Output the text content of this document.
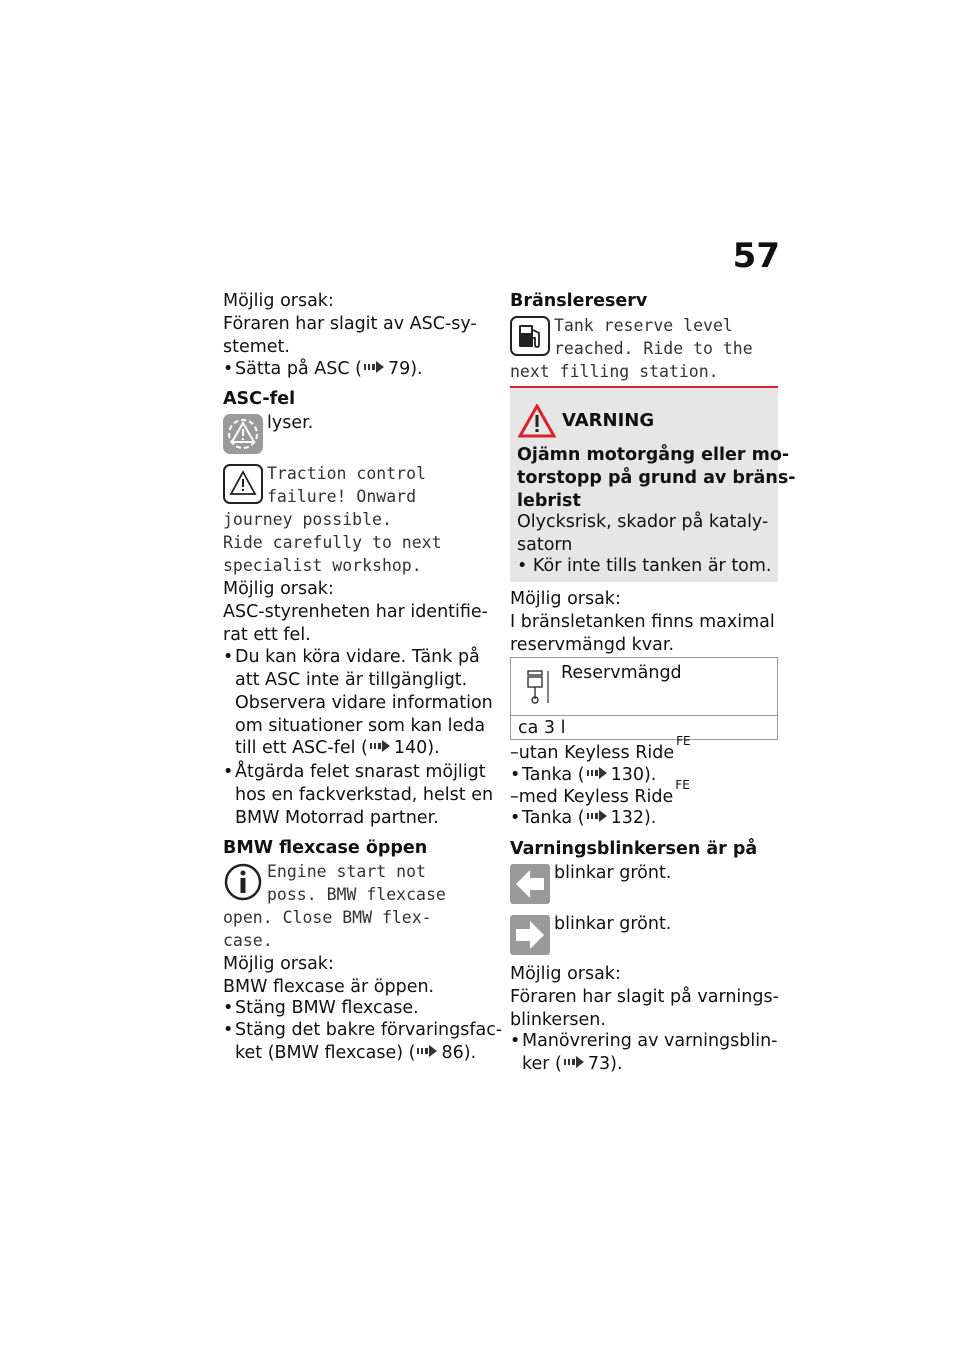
57
Möjlig orsak:
Föraren har slagit av ASC-sy-
stemet.
• Sätta på ASC ( 79).
ASC-fel
lyser.
Traction control
failure! Onward
journey possible.
Ride carefully to next
specialist workshop.
Möjlig orsak:
ASC-styrenheten har identifie-
rat ett fel.
• Du kan köra vidare. Tänk på
att ASC inte är tillgängligt.
Observera vidare information
om situationer som kan leda
till ett ASC-fel ( 140).
• Åtgärda felet snarast möjligt
hos en fackverkstad, helst en
BMW Motorrad partner.
BMW flexcase öppen
Engine start not
poss. BMW flexcase
open. Close BMW flex-
case.
Möjlig orsak:
BMW flexcase är öppen.
• Stäng BMW flexcase.
• Stäng det bakre förvaringsfac-
ket (BMW flexcase) ( 86).
Bränslereserv
Tank reserve level
reached. Ride to the
next filling station.
VARNING
Ojämn motorgång eller mo-
torstopp på grund av bräns-
lebrist
Olycksrisk, skador på kataly-
satorn
• Kör inte tills tanken är tom.
Möjlig orsak:
I bränsletanken finns maximal
reservmängd kvar.
Reservmängd
ca 3 l
–utan Keyless Ride$^{FE}$
• Tanka ( 130).
–med Keyless Ride$^{FE}$
• Tanka ( 132).
Varningsblinkersen är på
blinkar grönt.
blinkar grönt.
Möjlig orsak:
Föraren har slagit på varnings-
blinkersen.
• Manövrering av varningsblin-
ker ( 73).
